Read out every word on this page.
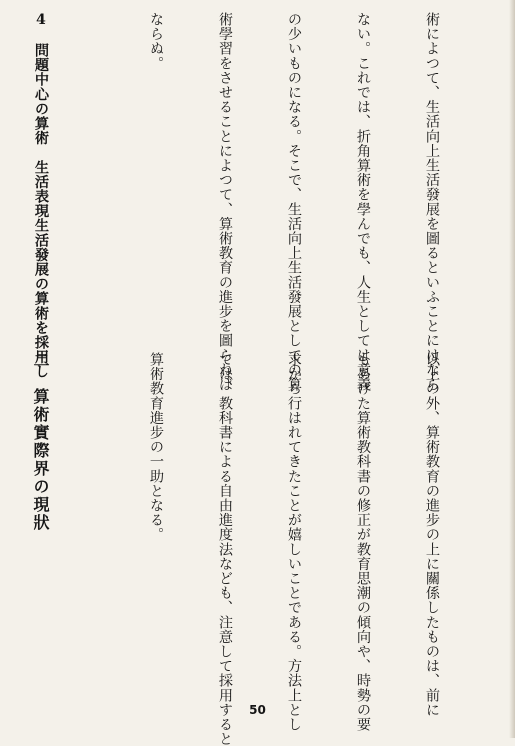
術によつて、生活向上生活發展を圖るといふことにはなら

ない。これでは、折角算術を學んでも、人生としては意義

の少いものになる。そこで、生活向上生活發展としての算

術學習をさせることによつて、算術教育の進步を圖らねば

ならぬ。

4　問題中心の算術　生活表現生活發展の算術を採用し

以上の外、算術教育の進步の上に關係したものは、前に

もあげた算術教科書の修正が教育思潮の傾向や、時勢の要

求から行はれてきたことが嬉しいことである。方法上とし

ては、教科書による自由進度法なども、注意して採用すると

算術教育進步の一助となる。

二　算術實際界の現狀

50
